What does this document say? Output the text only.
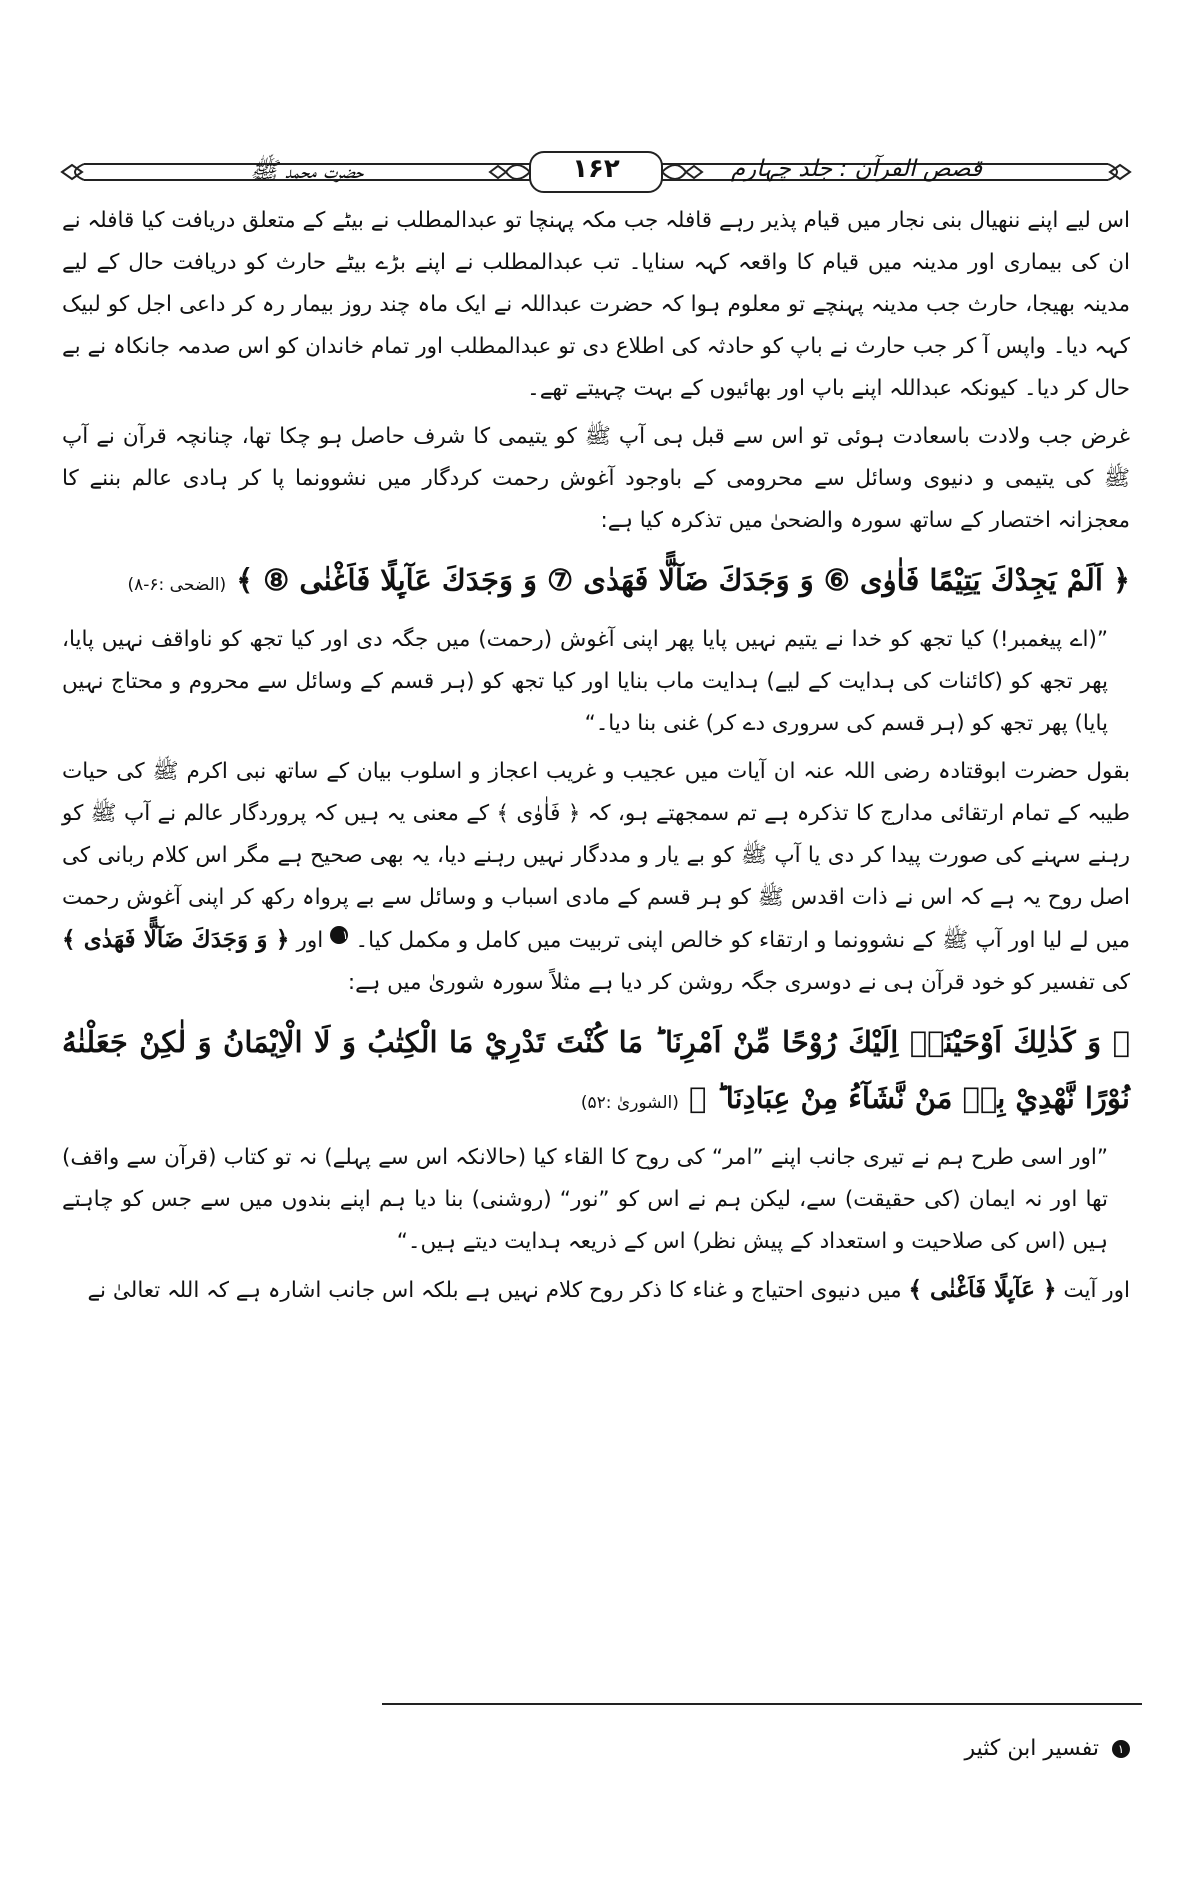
قصص القرآن : جلد چہارم
۱۶۲
حضرت محمد ﷺ

اس لیے اپنے ننھیال بنی نجار میں قیام پذیر رہے قافلہ جب مکہ پہنچا تو عبدالمطلب نے بیٹے کے متعلق دریافت کیا قافلہ نے ان کی بیماری اور مدینہ میں قیام کا واقعہ کہہ سنایا۔ تب عبدالمطلب نے اپنے بڑے بیٹے حارث کو دریافت حال کے لیے مدینہ بھیجا، حارث جب مدینہ پہنچے تو معلوم ہوا کہ حضرت عبداللہ نے ایک ماہ چند روز بیمار رہ کر داعی اجل کو لبیک کہہ دیا۔ واپس آ کر جب حارث نے باپ کو حادثہ کی اطلاع دی تو عبدالمطلب اور تمام خاندان کو اس صدمہ جانکاہ نے بے حال کر دیا۔ کیونکہ عبداللہ اپنے باپ اور بھائیوں کے بہت چہیتے تھے۔

غرض جب ولادت باسعادت ہوئی تو اس سے قبل ہی آپ ﷺ کو یتیمی کا شرف حاصل ہو چکا تھا، چنانچہ قرآن نے آپ ﷺ کی یتیمی و دنیوی وسائل سے محرومی کے باوجود آغوش رحمت کردگار میں نشوونما پا کر ہادی عالم بننے کا معجزانہ اختصار کے ساتھ سورہ والضحیٰ میں تذکرہ کیا ہے:

﴿ اَلَمْ يَجِدْكَ يَتِيْمًا فَاٰوٰى ⑥ وَ وَجَدَكَ ضَآلًّا فَهَدٰى ⑦ وَ وَجَدَكَ عَآىِٕلًا فَاَغْنٰى ⑧ ﴾ (الضحی :۶-۸)

”(اے پیغمبر!) کیا تجھ کو خدا نے یتیم نہیں پایا پھر اپنی آغوش (رحمت) میں جگہ دی اور کیا تجھ کو ناواقف نہیں پایا، پھر تجھ کو (کائنات کی ہدایت کے لیے) ہدایت ماب بنایا اور کیا تجھ کو (ہر قسم کے وسائل سے محروم و محتاج نہیں پایا) پھر تجھ کو (ہر قسم کی سروری دے کر) غنی بنا دیا۔“

بقول حضرت ابوقتادہ رضی اللہ عنہ ان آیات میں عجیب و غریب اعجاز و اسلوب بیان کے ساتھ نبی اکرم ﷺ کی حیات طیبہ کے تمام ارتقائی مدارج کا تذکرہ ہے تم سمجھتے ہو، کہ ﴿ فَاٰوٰى ﴾ کے معنی یہ ہیں کہ پروردگار عالم نے آپ ﷺ کو رہنے سہنے کی صورت پیدا کر دی یا آپ ﷺ کو بے یار و مددگار نہیں رہنے دیا، یہ بھی صحیح ہے مگر اس کلام ربانی کی اصل روح یہ ہے کہ اس نے ذات اقدس ﷺ کو ہر قسم کے مادی اسباب و وسائل سے بے پرواہ رکھ کر اپنی آغوش رحمت میں لے لیا اور آپ ﷺ کے نشوونما و ارتقاء کو خالص اپنی تربیت میں کامل و مکمل کیا۔ ۱ اور ﴿ وَ وَجَدَكَ ضَآلًّا فَهَدٰى ﴾ کی تفسیر کو خود قرآن ہی نے دوسری جگہ روشن کر دیا ہے مثلاً سورہ شوریٰ میں ہے:

﴿ وَ كَذٰلِكَ اَوْحَيْنَاۤ اِلَيْكَ رُوْحًا مِّنْ اَمْرِنَا ؕ مَا كُنْتَ تَدْرِيْ مَا الْكِتٰبُ وَ لَا الْاِيْمَانُ وَ لٰكِنْ جَعَلْنٰهُ نُوْرًا نَّهْدِيْ بِهٖ مَنْ نَّشَآءُ مِنْ عِبَادِنَا ؕ ﴾ (الشوریٰ :۵۲)

”اور اسی طرح ہم نے تیری جانب اپنے ”امر“ کی روح کا القاء کیا (حالانکہ اس سے پہلے) نہ تو کتاب (قرآن سے واقف) تھا اور نہ ایمان (کی حقیقت) سے، لیکن ہم نے اس کو ”نور“ (روشنی) بنا دیا ہم اپنے بندوں میں سے جس کو چاہتے ہیں (اس کی صلاحیت و استعداد کے پیش نظر) اس کے ذریعہ ہدایت دیتے ہیں۔“

اور آیت ﴿ عَآىِٕلًا فَاَغْنٰى ﴾ میں دنیوی احتیاج و غناء کا ذکر روح کلام نہیں ہے بلکہ اس جانب اشارہ ہے کہ اللہ تعالیٰ نے

۱ تفسیر ابن کثیر
